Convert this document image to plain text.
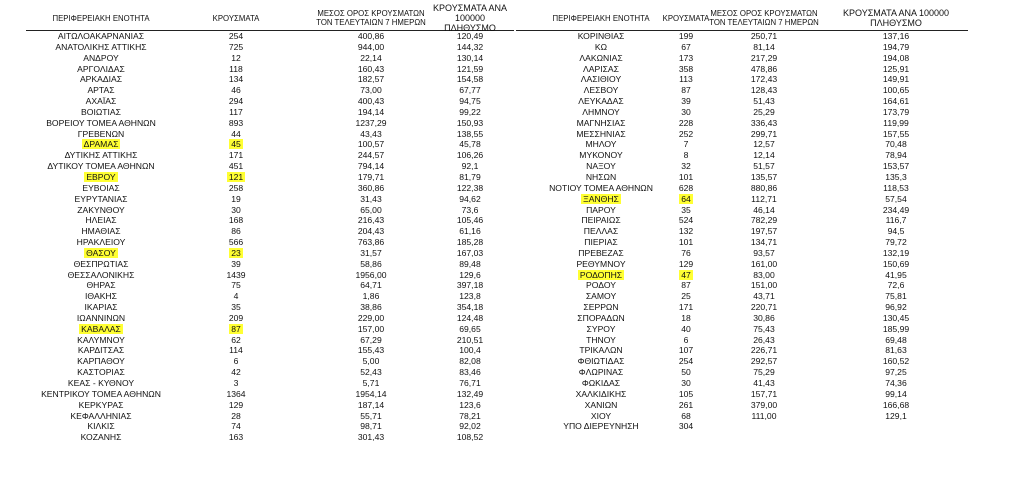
ΠΕΡΙΦΕΡΕΙΑΚΗ ΕΝΟΤΗΤΑ	ΚΡΟΥΣΜΑΤΑ	ΜΕΣΟΣ ΟΡΟΣ ΚΡΟΥΣΜΑΤΩΝ
ΤΟΝ ΤΕΛΕΥΤΑΙΩΝ 7 ΗΜΕΡΩΝ
ΚΡΟΥΣΜΑΤΑ ΑΝΑ 100000
ΠΛΗΘΥΣΜΟ
ΑΙΤΩΛΟΑΚΑΡΝΑΝΙΑΣ	254	400,86	120,49
ΑΝΑΤΟΛΙΚΗΣ ΑΤΤΙΚΗΣ	725	944,00	144,32
ΑΝΔΡΟΥ	12	22,14	130,14
ΑΡΓΟΛΙΔΑΣ	118	160,43	121,59
ΑΡΚΑΔΙΑΣ	134	182,57	154,58
ΑΡΤΑΣ	46	73,00	67,77
ΑΧΑΪΑΣ	294	400,43	94,75
ΒΟΙΩΤΙΑΣ	117	194,14	99,22
ΒΟΡΕΙΟΥ ΤΟΜΕΑ ΑΘΗΝΩΝ	893	1237,29	150,93
ΓΡΕΒΕΝΩΝ	44	43,43	138,55
ΔΡΑΜΑΣ	45	100,57	45,78
ΔΥΤΙΚΗΣ ΑΤΤΙΚΗΣ	171	244,57	106,26
ΔΥΤΙΚΟΥ ΤΟΜΕΑ ΑΘΗΝΩΝ	451	794,14	92,1
ΕΒΡΟΥ	121	179,71	81,79
ΕΥΒΟΙΑΣ	258	360,86	122,38
ΕΥΡΥΤΑΝΙΑΣ	19	31,43	94,62
ΖΑΚΥΝΘΟΥ	30	65,00	73,6
ΗΛΕΙΑΣ	168	216,43	105,46
ΗΜΑΘΙΑΣ	86	204,43	61,16
ΗΡΑΚΛΕΙΟΥ	566	763,86	185,28
ΘΑΣΟΥ	23	31,57	167,03
ΘΕΣΠΡΩΤΙΑΣ	39	58,86	89,48
ΘΕΣΣΑΛΟΝΙΚΗΣ	1439	1956,00	129,6
ΘΗΡΑΣ	75	64,71	397,18
ΙΘΑΚΗΣ	4	1,86	123,8
ΙΚΑΡΙΑΣ	35	38,86	354,18
ΙΩΑΝΝΙΝΩΝ	209	229,00	124,48
ΚΑΒΑΛΑΣ	87	157,00	69,65
ΚΑΛΥΜΝΟΥ	62	67,29	210,51
ΚΑΡΔΙΤΣΑΣ	114	155,43	100,4
ΚΑΡΠΑΘΟΥ	6	5,00	82,08
ΚΑΣΤΟΡΙΑΣ	42	52,43	83,46
ΚΕΑΣ - ΚΥΘΝΟΥ	3	5,71	76,71
ΚΕΝΤΡΙΚΟΥ ΤΟΜΕΑ ΑΘΗΝΩΝ	1364	1954,14	132,49
ΚΕΡΚΥΡΑΣ	129	187,14	123,6
ΚΕΦΑΛΛΗΝΙΑΣ	28	55,71	78,21
ΚΙΛΚΙΣ	74	98,71	92,02
ΚΟΖΑΝΗΣ	163	301,43	108,52
ΠΕΡΙΦΕΡΕΙΑΚΗ ΕΝΟΤΗΤΑ ΚΡΟΥΣΜΑΤΑ ΜΕΣΟΣ ΟΡΟΣ ΚΡΟΥΣΜΑΤΩΝ
ΤΟΝ ΤΕΛΕΥΤΑΙΩΝ 7 ΗΜΕΡΩΝ
ΚΡΟΥΣΜΑΤΑ ΑΝΑ 100000
ΠΛΗΘΥΣΜΟ
ΚΟΡΙΝΘΙΑΣ	199	250,71	137,16
ΚΩ	67	81,14	194,79
ΛΑΚΩΝΙΑΣ	173	217,29	194,08
ΛΑΡΙΣΑΣ	358	478,86	125,91
ΛΑΣΙΘΙΟΥ	113	172,43	149,91
ΛΕΣΒΟΥ	87	128,43	100,65
ΛΕΥΚΑΔΑΣ	39	51,43	164,61
ΛΗΜΝΟΥ	30	25,29	173,79
ΜΑΓΝΗΣΙΑΣ	228	336,43	119,99
ΜΕΣΣΗΝΙΑΣ	252	299,71	157,55
ΜΗΛΟΥ	7	12,57	70,48
ΜΥΚΟΝΟΥ	8	12,14	78,94
ΝΑΞΟΥ	32	51,57	153,57
ΝΗΣΩΝ	101	135,57	135,3
ΝΟΤΙΟΥ ΤΟΜΕΑ ΑΘΗΝΩΝ	628	880,86	118,53
ΞΑΝΘΗΣ	64	112,71	57,54
ΠΑΡΟΥ	35	46,14	234,49
ΠΕΙΡΑΙΩΣ	524	782,29	116,7
ΠΕΛΛΑΣ	132	197,57	94,5
ΠΙΕΡΙΑΣ	101	134,71	79,72
ΠΡΕΒΕΖΑΣ	76	93,57	132,19
ΡΕΘΥΜΝΟΥ	129	161,00	150,69
ΡΟΔΟΠΗΣ	47	83,00	41,95
ΡΟΔΟΥ	87	151,00	72,6
ΣΑΜΟΥ	25	43,71	75,81
ΣΕΡΡΩΝ	171	220,71	96,92
ΣΠΟΡΑΔΩΝ	18	30,86	130,45
ΣΥΡΟΥ	40	75,43	185,99
ΤΗΝΟΥ	6	26,43	69,48
ΤΡΙΚΑΛΩΝ	107	226,71	81,63
ΦΘΙΩΤΙΔΑΣ	254	292,57	160,52
ΦΛΩΡΙΝΑΣ	50	75,29	97,25
ΦΩΚΙΔΑΣ	30	41,43	74,36
ΧΑΛΚΙΔΙΚΗΣ	105	157,71	99,14
ΧΑΝΙΩΝ	261	379,00	166,68
ΧΙΟΥ	68	111,00	129,1
ΥΠΟ ΔΙΕΡΕΥΝΗΣΗ	304
